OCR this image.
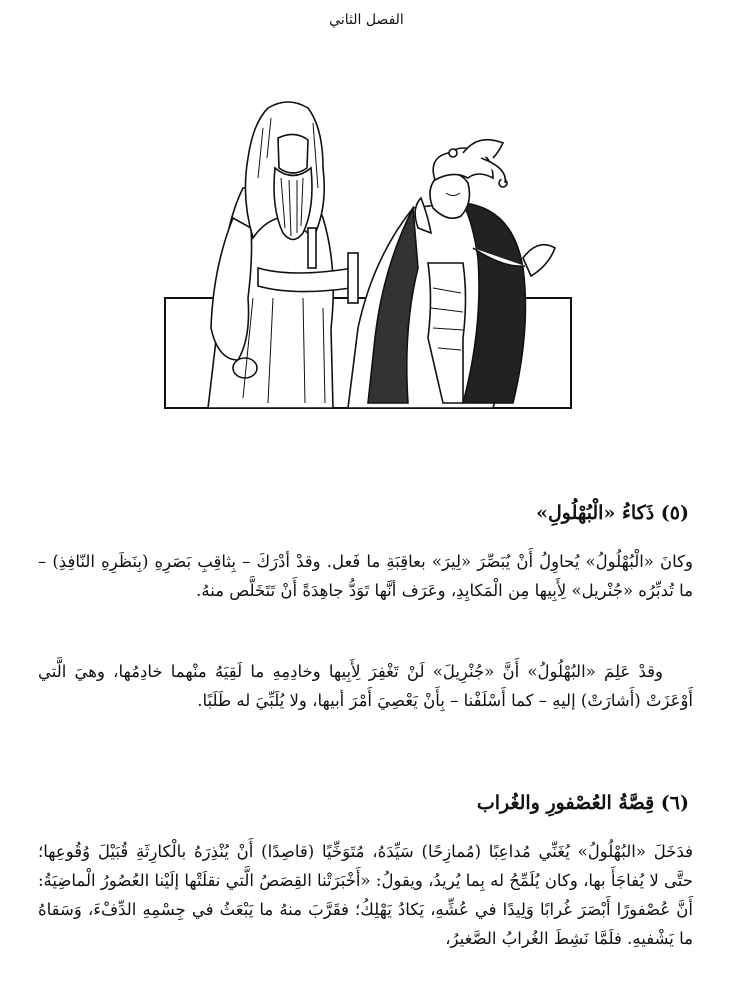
الفصل الثاني
(٥) ذَكاءُ «الْبُهْلُولِ»

وكانَ «الْبُهْلُولُ» يُحاوِلُ أَنْ يُبَصِّرَ «لِيرَ» بعاقِبَةِ ما فَعل. وقدْ أدْرَكَ – بِثاقِبِ بَصَرِهِ (بِنَظَرِهِ النّافِذِ) – ما تُدبِّرُه «جُنْريل» لِأَبِيها مِن الْمَكايِدِ، وعَرَف أنَّها تَوَدُّ جاهِدَةً أَنْ تَتَخَلَّص منهُ.

وقدْ عَلِمَ «البُهْلُولُ» أَنَّ «جُنْرِيلَ» لَنْ تَغْفِرَ لِأَبِيها وخادِمِهِ ما لَقِيَهُ منْهما خادِمُها، وهيَ الَّتي أَوْعَزَتْ (أَشارَتْ) إليهِ – كما أَسْلَفْنا – بِأَنْ يَعْصِيَ أَمْرَ أبيها، ولا يُلَبِّيَ له طَلَبًا.

(٦) قِصَّةُ العُصْفورِ والغُراب

فدَخَلَ «البُهْلُولُ» يُغَنِّي مُداعِبًا (مُمازِحًا) سَيِّدَهُ، مُتَوَخِّيًا (قاصِدًا) أَنْ يُنْذِرَهُ بالْكارِثَةِ قُبَيْلَ وُقُوعِها؛ حتَّى لا يُفاجَأَ بها، وكان يُلَمِّحُ له بِما يُريدُ، ويقولُ: «أَخْبَرَتْنا القِصَصُ الَّتي نقلَتْها إلَيْنا العُصُورُ الْماضِيَةُ: أَنَّ عُصْفورًا أَبْصَرَ غُرابًا وَلِيدًا في عُشِّهِ، يَكادُ يَهْلِكُ؛ فقَرَّبَ منهُ ما يَبْعَثُ في جِسْمِهِ الدِّفْءَ، وَسَقاهُ ما يَشْفيهِ. فلَمَّا نَشِطَ الغُرابُ الصَّغيرُ،
